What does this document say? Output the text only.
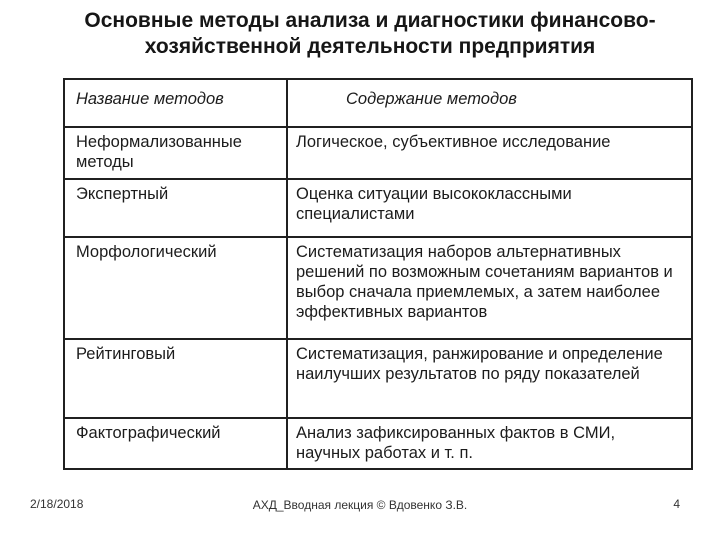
Основные методы анализа и диагностики финансово-
хозяйственной деятельности предприятия
Название методов	Содержание методов
Неформализованные методы	Логическое, субъективное исследование
Экспертный	Оценка ситуации высококлассными специалистами
Морфологический	Систематизация наборов альтернативных решений по возможным сочетаниям вариантов и выбор сначала приемлемых, а затем наиболее эффективных вариантов
Рейтинговый	Систематизация, ранжирование и определение наилучших результатов по ряду показателей
Фактографический	Анализ зафиксированных фактов в СМИ, научных работах и т. п.
2/18/2018	АХД_Вводная лекция © Вдовенко З.В.	4
